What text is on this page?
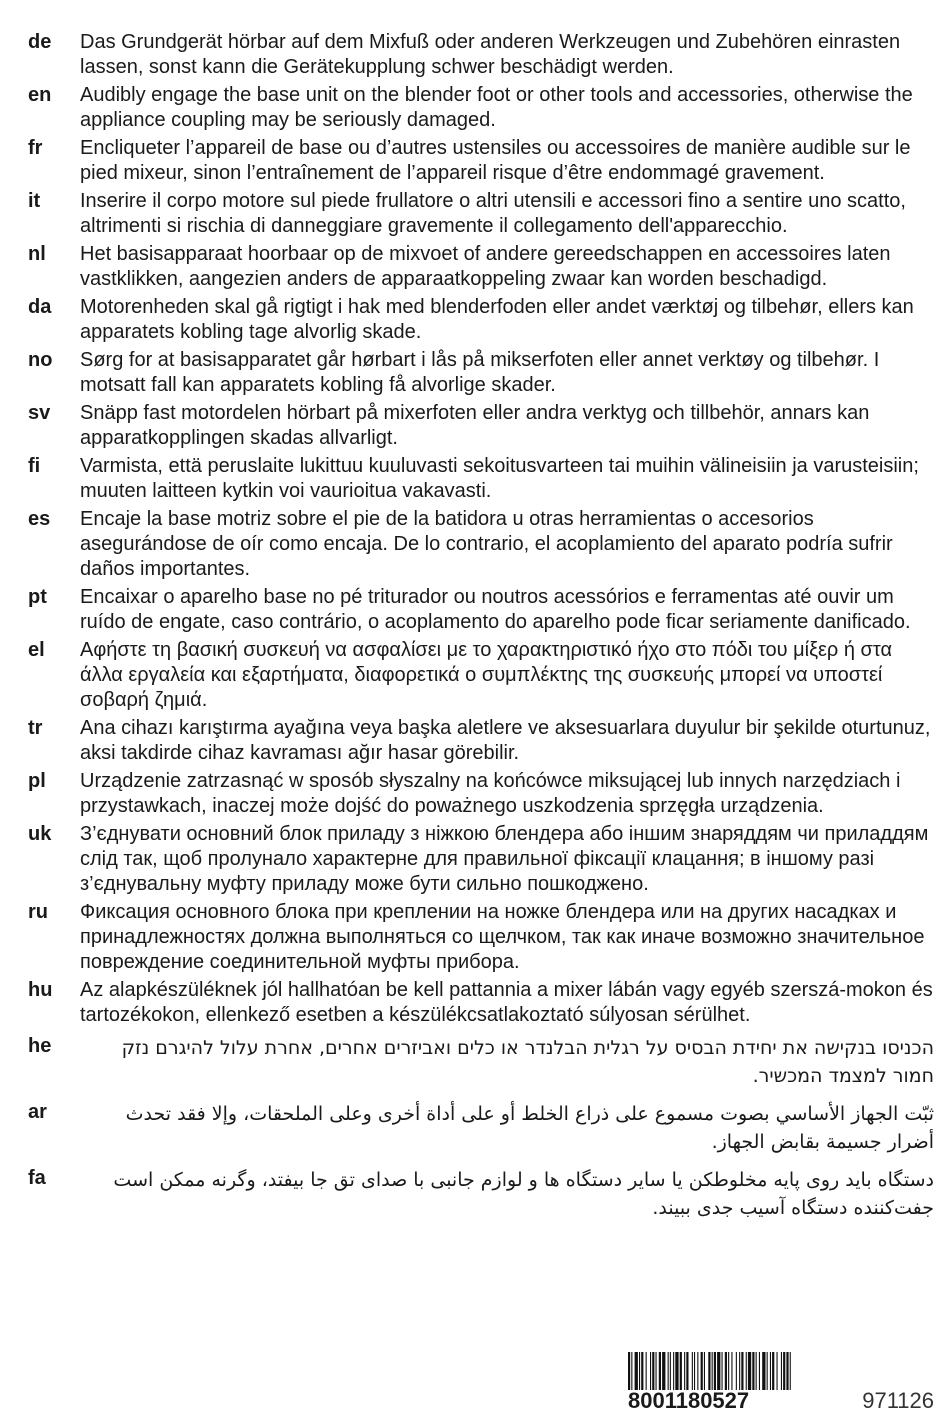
de	Das Grundgerät hörbar auf dem Mixfuß oder anderen Werkzeugen und Zubehören einrasten lassen, sonst kann die Gerätekupplung schwer beschädigt werden.
en	Audibly engage the base unit on the blender foot or other tools and accessories, otherwise the appliance coupling may be seriously damaged.
fr	Encliqueter l’appareil de base ou d’autres ustensiles ou accessoires de manière audible sur le pied mixeur, sinon l’entraînement de l’appareil risque d’être endommagé gravement.
it	Inserire il corpo motore sul piede frullatore o altri utensili e accessori fino a sentire uno scatto, altrimenti si rischia di danneggiare gravemente il collegamento dell'apparecchio.
nl	Het basisapparaat hoorbaar op de mixvoet of andere gereedschappen en accessoires laten vastklikken, aangezien anders de apparaatkoppeling zwaar kan worden beschadigd.
da	Motorenheden skal gå rigtigt i hak med blenderfoden eller andet værktøj og tilbehør, ellers kan apparatets kobling tage alvorlig skade.
no	Sørg for at basisapparatet går hørbart i lås på mikserfoten eller annet verktøy og tilbehør. I motsatt fall kan apparatets kobling få alvorlige skader.
sv	Snäpp fast motordelen hörbart på mixerfoten eller andra verktyg och tillbehör, annars kan apparatkopplingen skadas allvarligt.
fi	Varmista, että peruslaite lukittuu kuuluvasti sekoitusvarteen tai muihin välineisiin ja varusteisiin; muuten laitteen kytkin voi vaurioitua vakavasti.
es	Encaje la base motriz sobre el pie de la batidora u otras herramientas o accesorios asegurándose de oír como encaja. De lo contrario, el acoplamiento del aparato podría sufrir daños importantes.
pt	Encaixar o aparelho base no pé triturador ou noutros acessórios e ferramentas até ouvir um ruído de engate, caso contrário, o acoplamento do aparelho pode ficar seriamente danificado.
el	Αφήστε τη βασική συσκευή να ασφαλίσει με το χαρακτηριστικό ήχο στο πόδι του μίξερ ή στα άλλα εργαλεία και εξαρτήματα, διαφορετικά ο συμπλέκτης της συσκευής μπορεί να υποστεί σοβαρή ζημιά.
tr	Ana cihazı karıştırma ayağına veya başka aletlere ve aksesuarlara duyulur bir şekilde oturtunuz, aksi takdirde cihaz kavraması ağır hasar görebilir.
pl	Urządzenie zatrzasnąć w sposób słyszalny na końcówce miksującej lub innych narzędziach i przystawkach, inaczej może dojść do poważnego uszkodzenia sprzęgła urządzenia.
uk	З’єднувати основний блок приладу з ніжкою блендера або іншим знаряддям чи приладдям слід так, щоб пролунало характерне для правильної фіксації клацання; в іншому разі з’єднувальну муфту приладу може бути сильно пошкоджено.
ru	Фиксация основного блока при креплении на ножке блендера или на других насадках и принадлежностях должна выполняться со щелчком, так как иначе возможно значительное повреждение соединительной муфты прибора.
hu	Az alapkészüléknek jól hallhatóan be kell pattannia a mixer lábán vagy egyéb szerszá-mokon és tartozékokon, ellenkező esetben a készülékcsatlakoztató súlyosan sérülhet.
he	הכניסו בנקישה את יחידת הבסיס על רגלית הבלנדר או כלים ואביזרים אחרים, אחרת עלול להיגרם נזק חמור למצמד המכשיר.
ar	ثبّت الجهاز الأساسي بصوت مسموع على ذراع الخلط أو على أداة أخرى وعلى الملحقات، وإلا فقد تحدث أضرار جسيمة بقابض الجهاز.
fa	دستگاه باید روی پایه مخلوطکن یا سایر دستگاه ها و لوازم جانبی با صدای تق جا بیفتد، وگرنه ممکن است جفت‌کننده دستگاه آسیب جدی ببیند.
8001180527	971126
